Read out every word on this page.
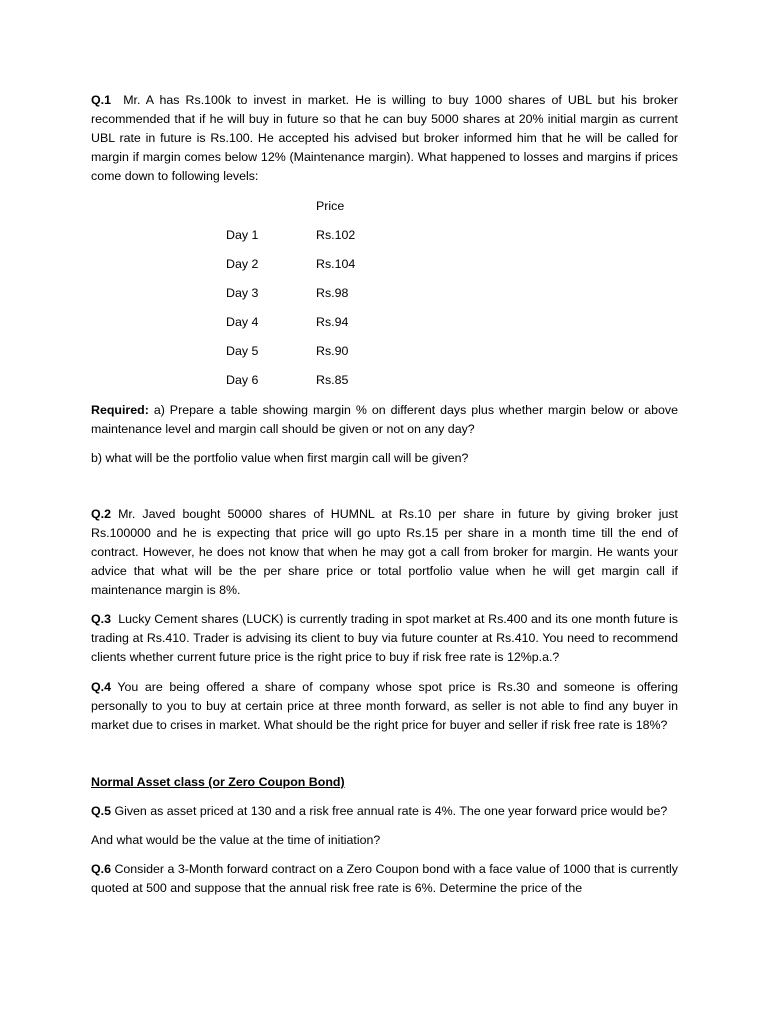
Q.1 Mr. A has Rs.100k to invest in market. He is willing to buy 1000 shares of UBL but his broker recommended that if he will buy in future so that he can buy 5000 shares at 20% initial margin as current UBL rate in future is Rs.100. He accepted his advised but broker informed him that he will be called for margin if margin comes below 12% (Maintenance margin). What happened to losses and margins if prices come down to following levels:

Price
Day 1	Rs.102
Day 2	Rs.104
Day 3	Rs.98
Day 4	Rs.94
Day 5	Rs.90
Day 6	Rs.85

Required: a) Prepare a table showing margin % on different days plus whether margin below or above maintenance level and margin call should be given or not on any day?

b) what will be the portfolio value when first margin call will be given?

Q.2 Mr. Javed bought 50000 shares of HUMNL at Rs.10 per share in future by giving broker just Rs.100000 and he is expecting that price will go upto Rs.15 per share in a month time till the end of contract. However, he does not know that when he may got a call from broker for margin. He wants your advice that what will be the per share price or total portfolio value when he will get margin call if maintenance margin is 8%.

Q.3 Lucky Cement shares (LUCK) is currently trading in spot market at Rs.400 and its one month future is trading at Rs.410. Trader is advising its client to buy via future counter at Rs.410. You need to recommend clients whether current future price is the right price to buy if risk free rate is 12%p.a.?

Q.4 You are being offered a share of company whose spot price is Rs.30 and someone is offering personally to you to buy at certain price at three month forward, as seller is not able to find any buyer in market due to crises in market. What should be the right price for buyer and seller if risk free rate is 18%?

Normal Asset class (or Zero Coupon Bond)

Q.5 Given as asset priced at 130 and a risk free annual rate is 4%. The one year forward price would be?

And what would be the value at the time of initiation?

Q.6 Consider a 3-Month forward contract on a Zero Coupon bond with a face value of 1000 that is currently quoted at 500 and suppose that the annual risk free rate is 6%. Determine the price of the
